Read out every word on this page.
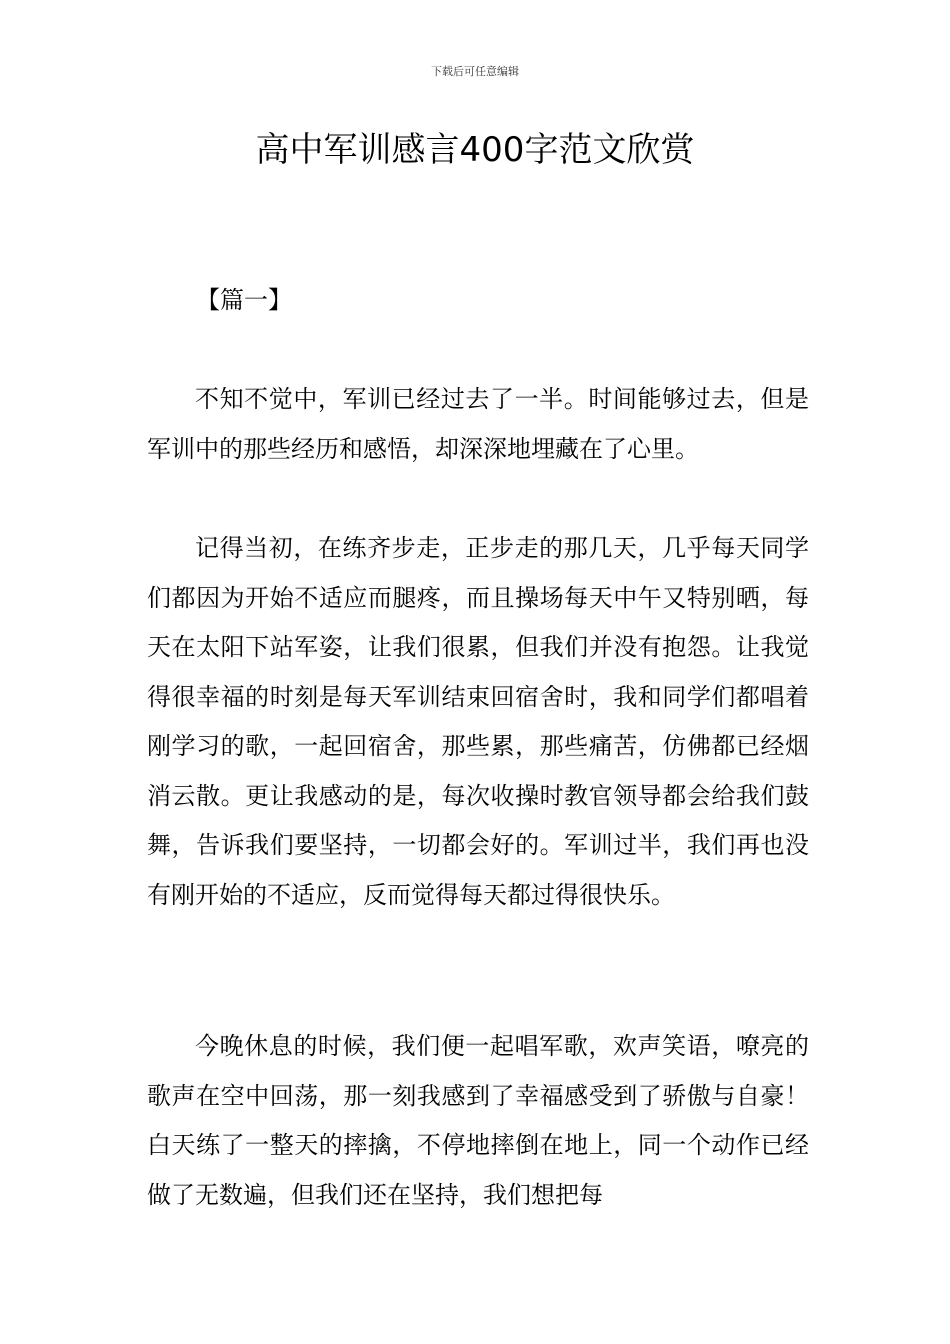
下载后可任意编辑
高中军训感言400字范文欣赏
【篇一】

不知不觉中，军训已经过去了一半。时间能够过去，但是军训中的那些经历和感悟，却深深地埋藏在了心里。

记得当初，在练齐步走，正步走的那几天，几乎每天同学们都因为开始不适应而腿疼，而且操场每天中午又特别晒，每天在太阳下站军姿，让我们很累，但我们并没有抱怨。让我觉得很幸福的时刻是每天军训结束回宿舍时，我和同学们都唱着刚学习的歌，一起回宿舍，那些累，那些痛苦，仿佛都已经烟消云散。更让我感动的是，每次收操时教官领导都会给我们鼓舞，告诉我们要坚持，一切都会好的。军训过半，我们再也没有刚开始的不适应，反而觉得每天都过得很快乐。

今晚休息的时候，我们便一起唱军歌，欢声笑语，嘹亮的歌声在空中回荡，那一刻我感到了幸福感受到了骄傲与自豪！白天练了一整天的摔擒，不停地摔倒在地上，同一个动作已经做了无数遍，但我们还在坚持，我们想把每
